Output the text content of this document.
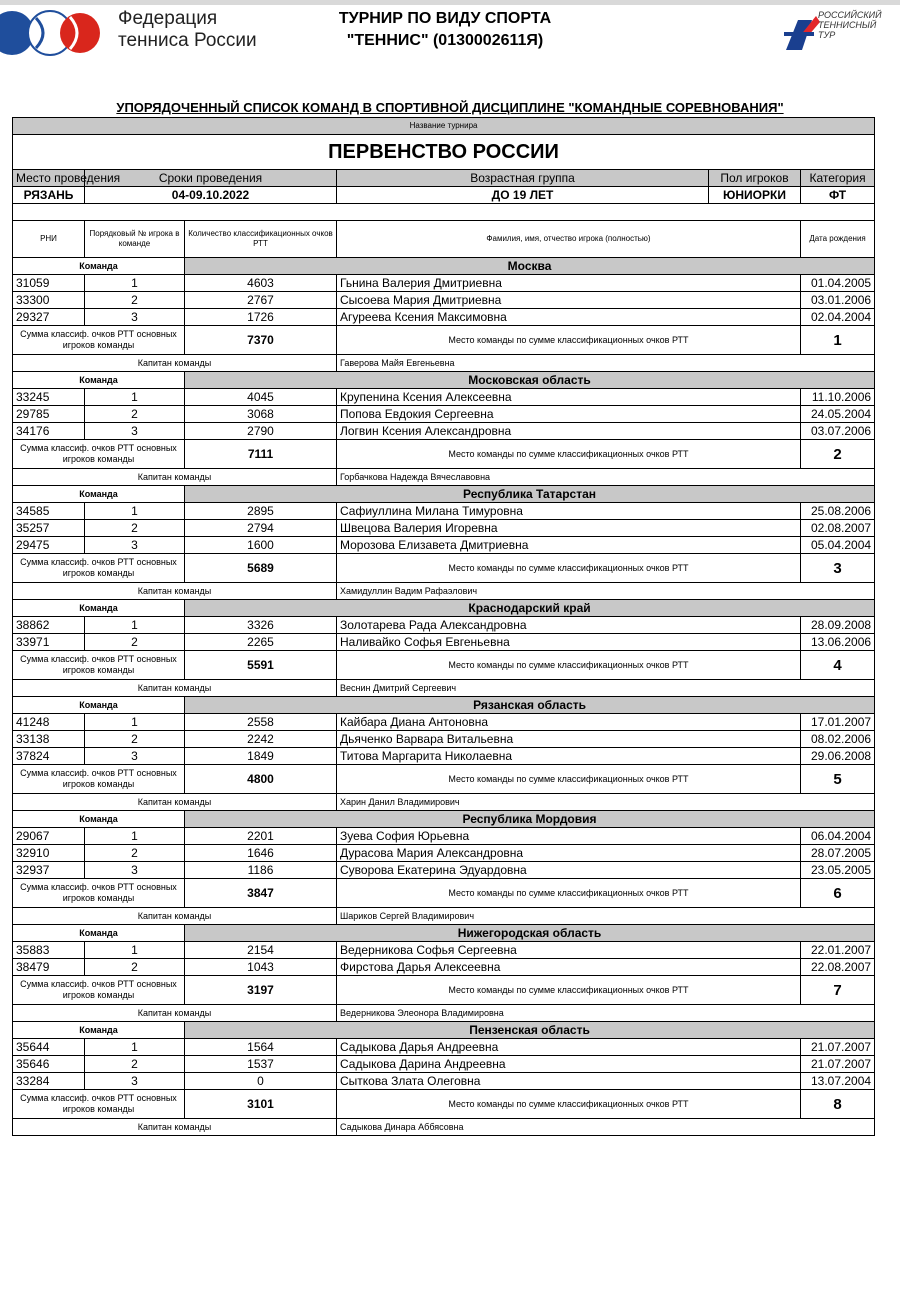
Федерация
тенниса России
ТУРНИР ПО ВИДУ СПОРТА
"ТЕННИС" (0130002611Я)
РОССИЙСКИЙ
ТЕННИСНЫЙ
ТУР
УПОРЯДОЧЕННЫЙ СПИСОК КОМАНД В СПОРТИВНОЙ ДИСЦИПЛИНЕ "КОМАНДНЫЕ СОРЕВНОВАНИЯ"
Название турнира					
ПЕРВЕНСТВО РОССИИ					
Место проведения	Сроки проведения		Возрастная группа	Пол игроков	Категория
РЯЗАНЬ	04-09.10.2022		ДО 19 ЛЕТ	ЮНИОРКИ	ФТ

РНИ	Порядковый № игрока в команде	Количество классификационных очков РТТ	Фамилия, имя, отчество игрока (полностью)		Дата рождения
Команда		Москва			
31059	1	4603	Гьнина Валерия Дмитриевна		01.04.2005
33300	2	2767	Сысоева Мария Дмитриевна		03.01.2006
29327	3	1726	Агуреева Ксения Максимовна		02.04.2004
Сумма классиф. очков РТТ основных игроков команды		7370	Место команды по сумме классификационных очков РТТ		1
Капитан команды			Гаверова Майя Евгеньевна		
Команда		Московская область			
33245	1	4045	Крупенина Ксения Алексеевна		11.10.2006
29785	2	3068	Попова Евдокия Сергеевна		24.05.2004
34176	3	2790	Логвин Ксения Александровна		03.07.2006
Сумма классиф. очков РТТ основных игроков команды		7111	Место команды по сумме классификационных очков РТТ		2
Капитан команды			Горбачкова Надежда Вячеславовна		
Команда		Республика Татарстан			
34585	1	2895	Сафиуллина Милана Тимуровна		25.08.2006
35257	2	2794	Швецова Валерия Игоревна		02.08.2007
29475	3	1600	Морозова Елизавета Дмитриевна		05.04.2004
Сумма классиф. очков РТТ основных игроков команды		5689	Место команды по сумме классификационных очков РТТ		3
Капитан команды			Хамидуллин Вадим Рафаэлович		
Команда		Краснодарский край			
38862	1	3326	Золотарева Рада Александровна		28.09.2008
33971	2	2265	Наливайко Софья Евгеньевна		13.06.2006
Сумма классиф. очков РТТ основных игроков команды		5591	Место команды по сумме классификационных очков РТТ		4
Капитан команды			Веснин Дмитрий Сергеевич		
Команда		Рязанская область			
41248	1	2558	Кайбара Диана Антоновна		17.01.2007
33138	2	2242	Дьяченко Варвара Витальевна		08.02.2006
37824	3	1849	Титова Маргарита Николаевна		29.06.2008
Сумма классиф. очков РТТ основных игроков команды		4800	Место команды по сумме классификационных очков РТТ		5
Капитан команды			Харин Данил Владимирович		
Команда		Республика Мордовия			
29067	1	2201	Зуева София Юрьевна		06.04.2004
32910	2	1646	Дурасова Мария Александровна		28.07.2005
32937	3	1186	Суворова Екатерина Эдуардовна		23.05.2005
Сумма классиф. очков РТТ основных игроков команды		3847	Место команды по сумме классификационных очков РТТ		6
Капитан команды			Шариков Сергей Владимирович		
Команда		Нижегородская область			
35883	1	2154	Ведерникова Софья Сергеевна		22.01.2007
38479	2	1043	Фирстова Дарья Алексеевна		22.08.2007
Сумма классиф. очков РТТ основных игроков команды		3197	Место команды по сумме классификационных очков РТТ		7
Капитан команды			Ведерникова Элеонора Владимировна		
Команда		Пензенская область			
35644	1	1564	Садыкова Дарья Андреевна		21.07.2007
35646	2	1537	Садыкова Дарина Андреевна		21.07.2007
33284	3	0	Сыткова Злата Олеговна		13.07.2004
Сумма классиф. очков РТТ основных игроков команды		3101	Место команды по сумме классификационных очков РТТ		8
Капитан команды			Садыкова Динара Аббясовна		
